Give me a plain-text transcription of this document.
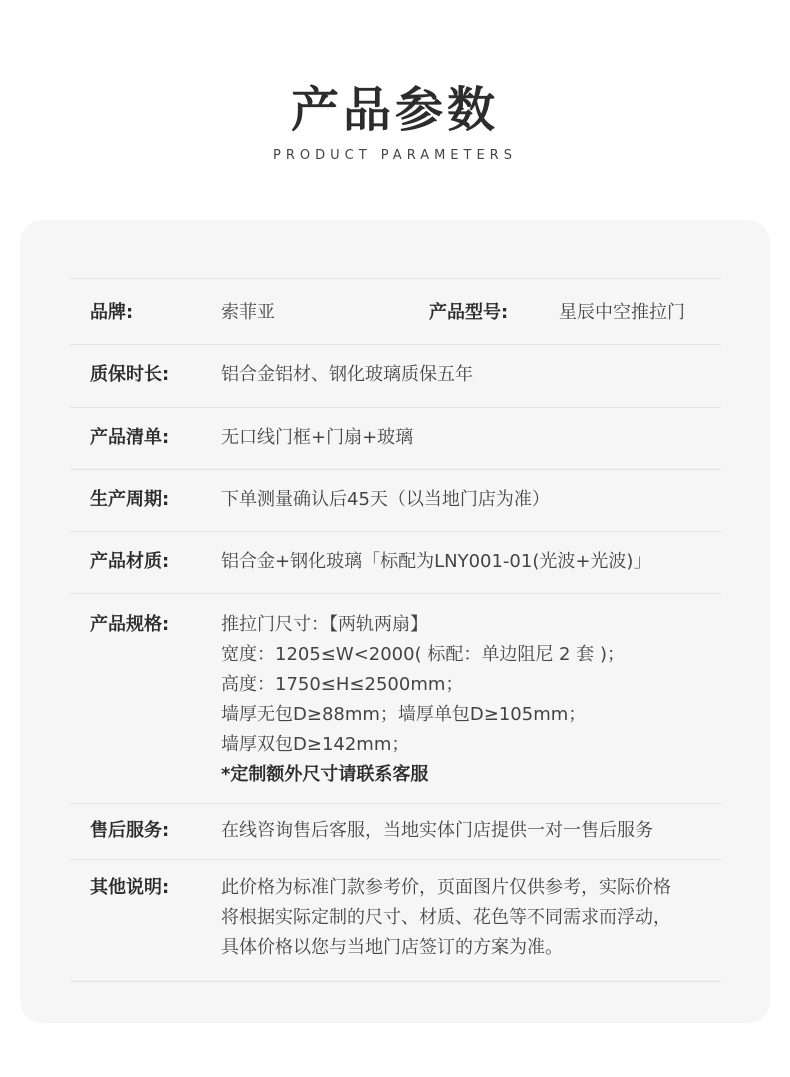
产品参数
PRODUCT PARAMETERS
品牌:	索菲亚	产品型号:	星辰中空推拉门
质保时长:	铝合金铝材、钢化玻璃质保五年
产品清单:	无口线门框+门扇+玻璃
生产周期:	下单测量确认后45天（以当地门店为准）
产品材质:	铝合金+钢化玻璃「标配为LNY001-01(光波+光波)」
产品规格:	推拉门尺寸：【两轨两扇】
宽度：1205≤W<2000( 标配：单边阻尼 2 套 )；
高度：1750≤H≤2500mm；
墙厚无包D≥88mm；墙厚单包D≥105mm；
墙厚双包D≥142mm；
*定制额外尺寸请联系客服
售后服务:	在线咨询售后客服，当地实体门店提供一对一售后服务
其他说明:	此价格为标准门款参考价，页面图片仅供参考，实际价格
将根据实际定制的尺寸、材质、花色等不同需求而浮动，
具体价格以您与当地门店签订的方案为准。
